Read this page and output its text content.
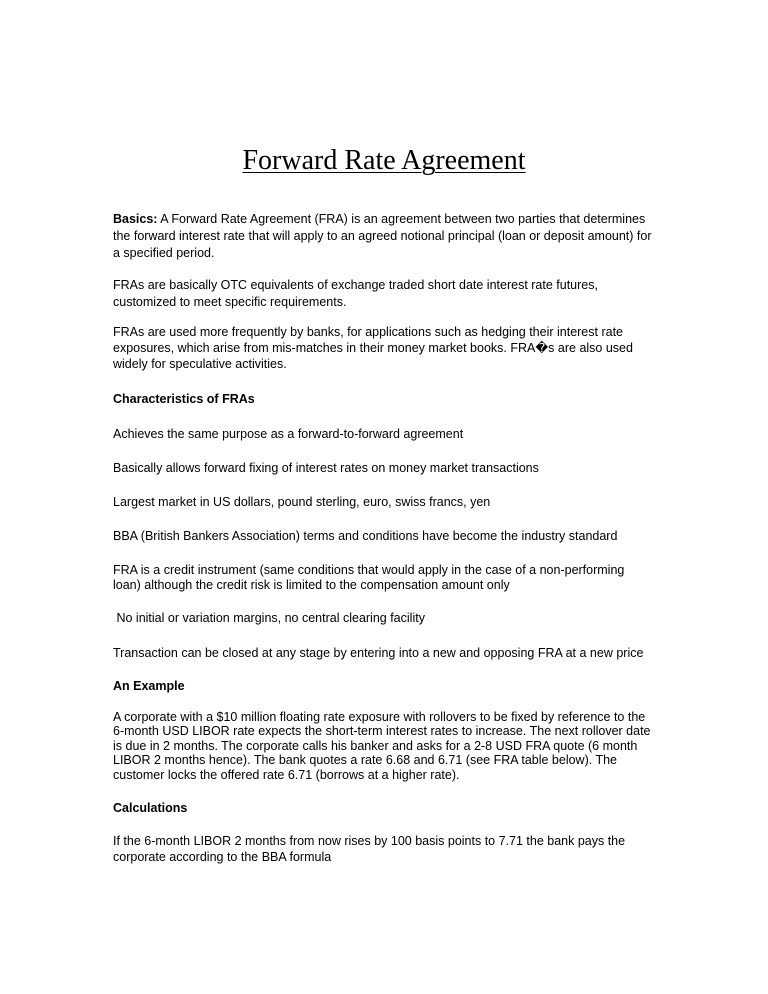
Forward Rate Agreement
Basics: A Forward Rate Agreement (FRA) is an agreement between two parties that determines
the forward interest rate that will apply to an agreed notional principal (loan or deposit amount) for
a specified period.
FRAs are basically OTC equivalents of exchange traded short date interest rate futures,
customized to meet specific requirements.
FRAs are used more frequently by banks, for applications such as hedging their interest rate
exposures, which arise from mis-matches in their money market books. FRA�s are also used
widely for speculative activities.
Characteristics of FRAs
Achieves the same purpose as a forward-to-forward agreement
Basically allows forward fixing of interest rates on money market transactions
Largest market in US dollars, pound sterling, euro, swiss francs, yen
BBA (British Bankers Association) terms and conditions have become the industry standard
FRA is a credit instrument (same conditions that would apply in the case of a non-performing
loan) although the credit risk is limited to the compensation amount only
No initial or variation margins, no central clearing facility
Transaction can be closed at any stage by entering into a new and opposing FRA at a new price
An Example
A corporate with a $10 million floating rate exposure with rollovers to be fixed by reference to the
6-month USD LIBOR rate expects the short-term interest rates to increase. The next rollover date
is due in 2 months. The corporate calls his banker and asks for a 2-8 USD FRA quote (6 month
LIBOR 2 months hence). The bank quotes a rate 6.68 and 6.71 (see FRA table below). The
customer locks the offered rate 6.71 (borrows at a higher rate).
Calculations
If the 6-month LIBOR 2 months from now rises by 100 basis points to 7.71 the bank pays the
corporate according to the BBA formula
